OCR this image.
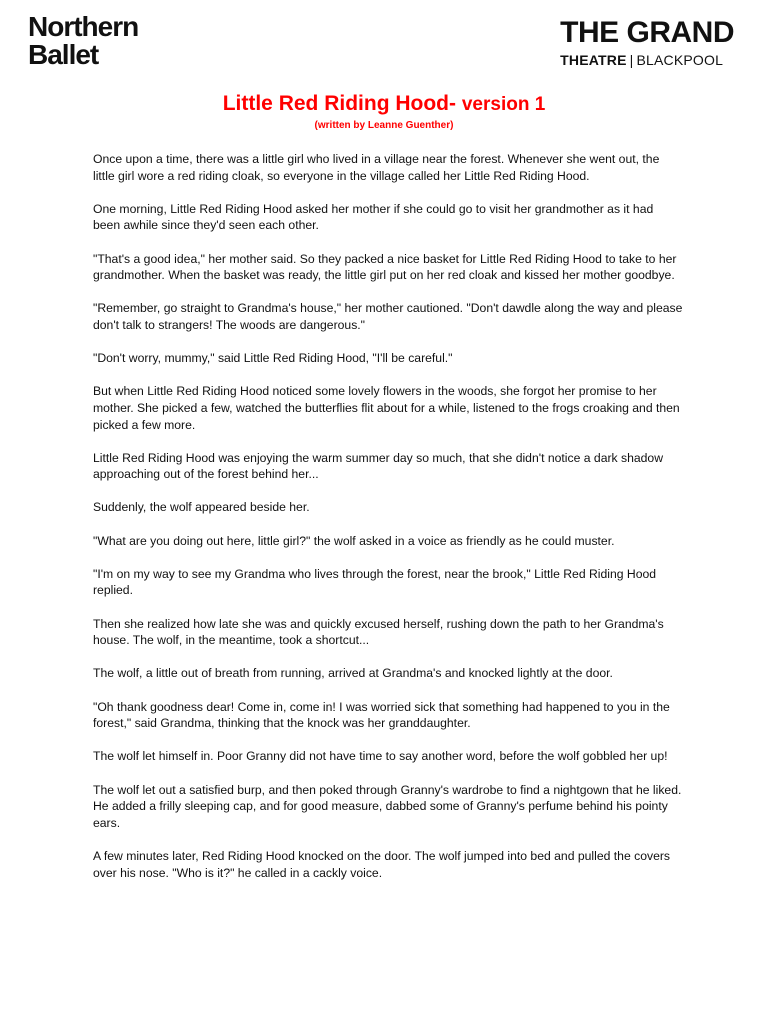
Northern
Ballet
THE GRAND
THEATRE | BLACKPOOL
Little Red Riding Hood- version 1
(written by Leanne Guenther)

Once upon a time, there was a little girl who lived in a village near the forest. Whenever she went out, the little girl wore a red riding cloak, so everyone in the village called her Little Red Riding Hood.

One morning, Little Red Riding Hood asked her mother if she could go to visit her grandmother as it had been awhile since they'd seen each other.

"That's a good idea," her mother said. So they packed a nice basket for Little Red Riding Hood to take to her grandmother. When the basket was ready, the little girl put on her red cloak and kissed her mother goodbye.

"Remember, go straight to Grandma's house," her mother cautioned. "Don't dawdle along the way and please don't talk to strangers! The woods are dangerous."

"Don't worry, mummy," said Little Red Riding Hood, "I'll be careful."

But when Little Red Riding Hood noticed some lovely flowers in the woods, she forgot her promise to her mother. She picked a few, watched the butterflies flit about for a while, listened to the frogs croaking and then picked a few more.

Little Red Riding Hood was enjoying the warm summer day so much, that she didn't notice a dark shadow approaching out of the forest behind her...

Suddenly, the wolf appeared beside her.

"What are you doing out here, little girl?" the wolf asked in a voice as friendly as he could muster.

"I'm on my way to see my Grandma who lives through the forest, near the brook," Little Red Riding Hood replied.

Then she realized how late she was and quickly excused herself, rushing down the path to her Grandma's house. The wolf, in the meantime, took a shortcut...

The wolf, a little out of breath from running, arrived at Grandma's and knocked lightly at the door.

"Oh thank goodness dear! Come in, come in! I was worried sick that something had happened to you in the forest," said Grandma, thinking that the knock was her granddaughter.

The wolf let himself in. Poor Granny did not have time to say another word, before the wolf gobbled her up!

The wolf let out a satisfied burp, and then poked through Granny's wardrobe to find a nightgown that he liked. He added a frilly sleeping cap, and for good measure, dabbed some of Granny's perfume behind his pointy ears.

A few minutes later, Red Riding Hood knocked on the door. The wolf jumped into bed and pulled the covers over his nose. "Who is it?" he called in a cackly voice.
